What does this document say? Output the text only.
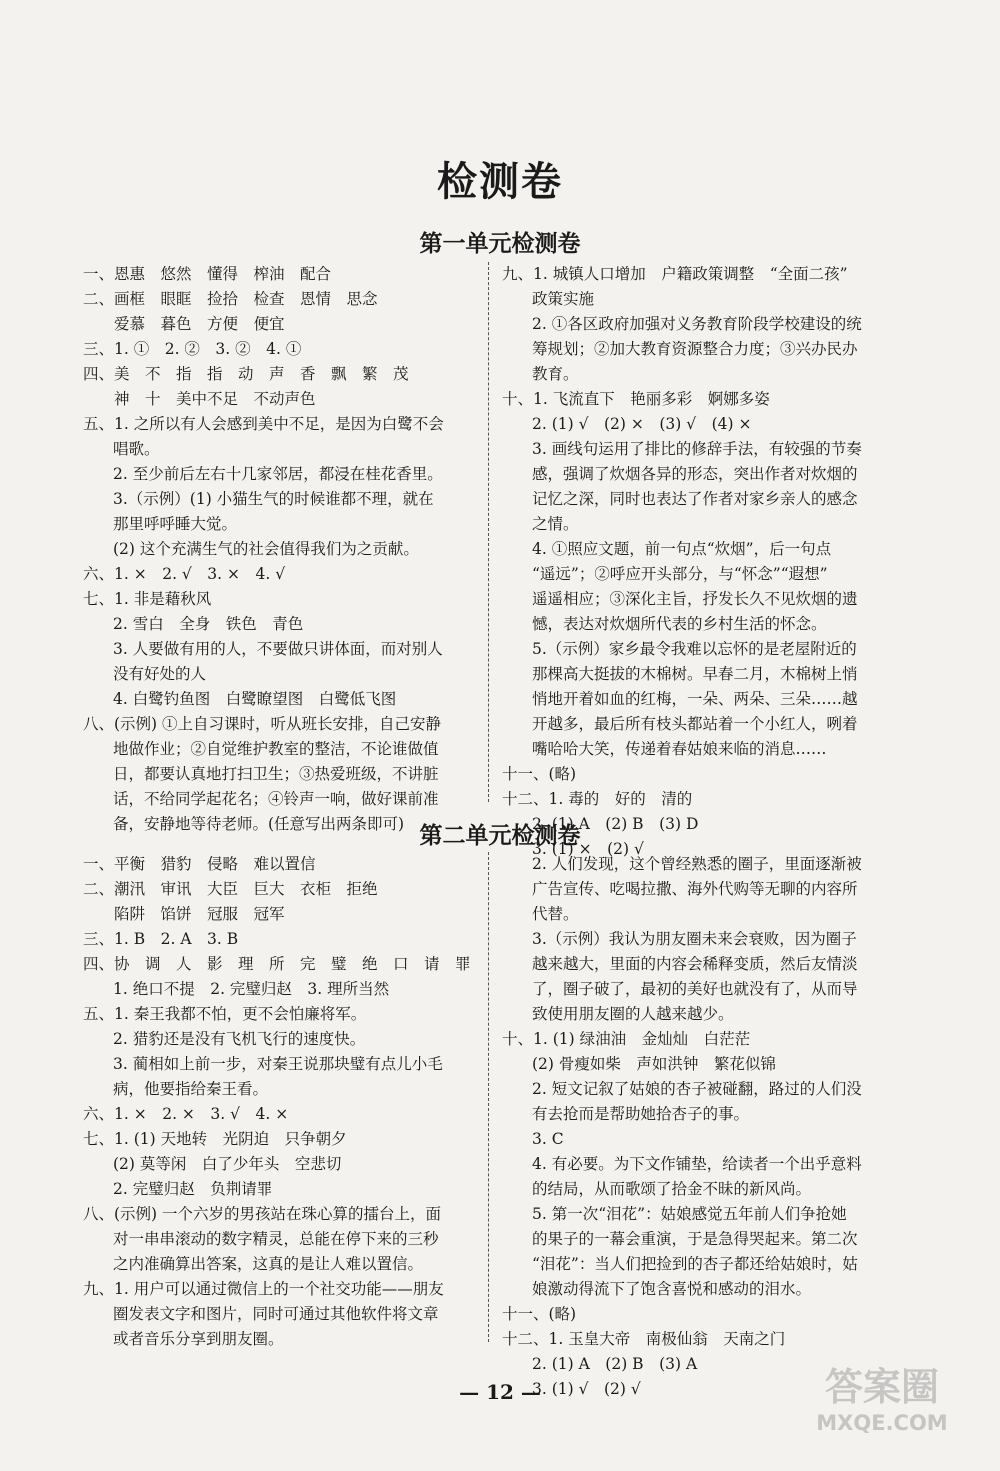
检测卷
第一单元检测卷
一、恩惠　悠然　懂得　榨油　配合
二、画框　眼眶　捡拾　检查　恩情　思念
　　爱慕　暮色　方便　便宜
三、1. ①　2. ②　3. ②　4. ①
四、美　不　指　指　动　声　香　飘　繁　茂
　　神　十　美中不足　不动声色
五、1. 之所以有人会感到美中不足，是因为白鹭不会
唱歌。
2. 至少前后左右十几家邻居，都浸在桂花香里。
3.（示例）(1) 小猫生气的时候谁都不理，就在
那里呼呼睡大觉。
(2) 这个充满生气的社会值得我们为之贡献。
六、1. ×　2. √　3. ×　4. √
七、1. 非是藉秋风
2. 雪白　全身　铁色　青色
3. 人要做有用的人，不要做只讲体面，而对别人
没有好处的人
4. 白鹭钓鱼图　白鹭瞭望图　白鹭低飞图
八、(示例) ①上自习课时，听从班长安排，自己安静
地做作业；②自觉维护教室的整洁，不论谁做值
日，都要认真地打扫卫生；③热爱班级，不讲脏
话，不给同学起花名；④铃声一响，做好课前准
备，安静地等待老师。(任意写出两条即可)
九、1. 城镇人口增加　户籍政策调整　“全面二孩”
政策实施
2. ①各区政府加强对义务教育阶段学校建设的统
筹规划；②加大教育资源整合力度；③兴办民办
教育。
十、1. 飞流直下　艳丽多彩　婀娜多姿
2. (1) √　(2) ×　(3) √　(4) ×
3. 画线句运用了排比的修辞手法，有较强的节奏
感，强调了炊烟各异的形态，突出作者对炊烟的
记忆之深，同时也表达了作者对家乡亲人的感念
之情。
4. ①照应文题，前一句点“炊烟”，后一句点
“遥远”；②呼应开头部分，与“怀念”“遐想”
遥遥相应；③深化主旨，抒发长久不见炊烟的遗
憾，表达对炊烟所代表的乡村生活的怀念。
5.（示例）家乡最令我难以忘怀的是老屋附近的
那棵高大挺拔的木棉树。早春二月，木棉树上悄
悄地开着如血的红梅，一朵、两朵、三朵……越
开越多，最后所有枝头都站着一个小红人，咧着
嘴哈哈大笑，传递着春姑娘来临的消息……
十一、(略)
十二、1. 毒的　好的　清的
2. (1) A　(2) B　(3) D
3. (1) ×　(2) √
第二单元检测卷
一、平衡　猎豹　侵略　难以置信
二、潮汛　审讯　大臣　巨大　衣柜　拒绝
　　陷阱　馅饼　冠服　冠军
三、1. B　2. A　3. B
四、协　调　人　影　理　所　完　璧　绝　口　请　罪
1. 绝口不提　2. 完璧归赵　3. 理所当然
五、1. 秦王我都不怕，更不会怕廉将军。
2. 猎豹还是没有飞机飞行的速度快。
3. 蔺相如上前一步，对秦王说那块璧有点儿小毛
病，他要指给秦王看。
六、1. ×　2. ×　3. √　4. ×
七、1. (1) 天地转　光阴迫　只争朝夕
(2) 莫等闲　白了少年头　空悲切
2. 完璧归赵　负荆请罪
八、(示例) 一个六岁的男孩站在珠心算的擂台上，面
对一串串滚动的数字精灵，总能在停下来的三秒
之内准确算出答案，这真的是让人难以置信。
九、1. 用户可以通过微信上的一个社交功能——朋友
圈发表文字和图片，同时可通过其他软件将文章
或者音乐分享到朋友圈。
2. 人们发现，这个曾经熟悉的圈子，里面逐渐被
广告宣传、吃喝拉撒、海外代购等无聊的内容所
代替。
3.（示例）我认为朋友圈未来会衰败，因为圈子
越来越大，里面的内容会稀释变质，然后友情淡
了，圈子破了，最初的美好也就没有了，从而导
致使用朋友圈的人越来越少。
十、1. (1) 绿油油　金灿灿　白茫茫
(2) 骨瘦如柴　声如洪钟　繁花似锦
2. 短文记叙了姑娘的杏子被碰翻，路过的人们没
有去抢而是帮助她拾杏子的事。
3. C
4. 有必要。为下文作铺垫，给读者一个出乎意料
的结局，从而歌颂了拾金不昧的新风尚。
5. 第一次“泪花”：姑娘感觉五年前人们争抢她
的果子的一幕会重演，于是急得哭起来。第二次
“泪花”：当人们把捡到的杏子都还给姑娘时，姑
娘激动得流下了饱含喜悦和感动的泪水。
十一、(略)
十二、1. 玉皇大帝　南极仙翁　天南之门
2. (1) A　(2) B　(3) A
3. (1) √　(2) √
— 12 —	答案圈
MXQE.COM
